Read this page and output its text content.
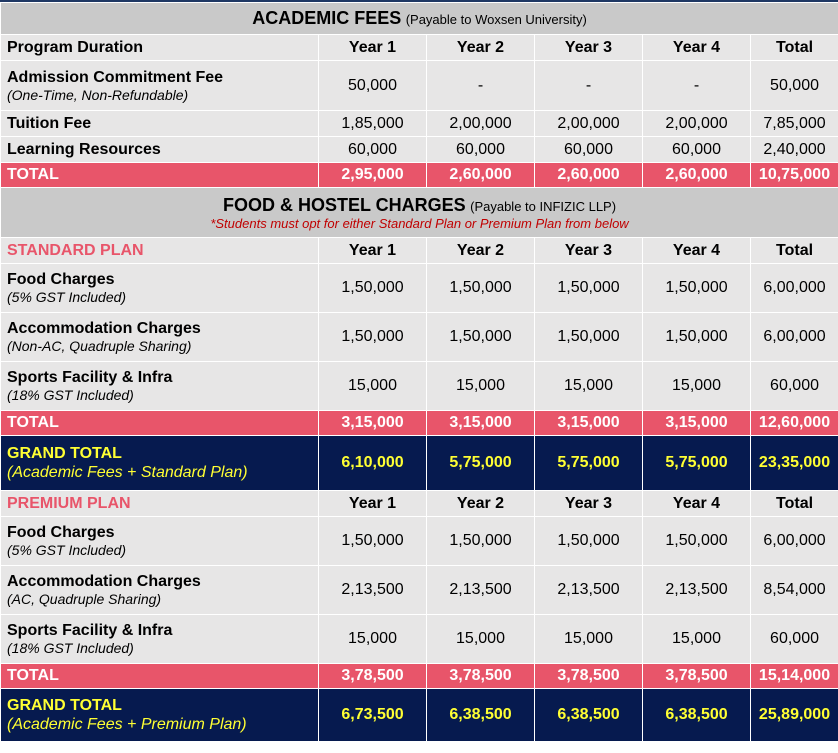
ACADEMIC FEES (Payable to Woxsen University)					
Program Duration	Year 1	Year 2	Year 3	Year 4	Total

Admission Commitment Fee
(One-Time, Non-Refundable)	50,000	-	-	-	50,000
Tuition Fee	1,85,000	2,00,000	2,00,000	2,00,000	7,85,000
Learning Resources	60,000	60,000	60,000	60,000	2,40,000
TOTAL	2,95,000	2,60,000	2,60,000	2,60,000	10,75,000
FOOD & HOSTEL CHARGES (Payable to INFIZIC LLP)
*Students must opt for either Standard Plan or Premium Plan from below					

STANDARD PLAN	Year 1	Year 2	Year 3	Year 4	Total

Food Charges
(5% GST Included)	1,50,000	1,50,000	1,50,000	1,50,000	6,00,000

Accommodation Charges
(Non-AC, Quadruple Sharing)	1,50,000	1,50,000	1,50,000	1,50,000	6,00,000

Sports Facility & Infra
(18% GST Included)	15,000	15,000	15,000	15,000	60,000
TOTAL	3,15,000	3,15,000	3,15,000	3,15,000	12,60,000

GRAND TOTAL
(Academic Fees + Standard Plan)	6,10,000	5,75,000	5,75,000	5,75,000	23,35,000
PREMIUM PLAN	Year 1	Year 2	Year 3	Year 4	Total

Food Charges
(5% GST Included)	1,50,000	1,50,000	1,50,000	1,50,000	6,00,000

Accommodation Charges
(AC, Quadruple Sharing)	2,13,500	2,13,500	2,13,500	2,13,500	8,54,000

Sports Facility & Infra
(18% GST Included)	15,000	15,000	15,000	15,000	60,000
TOTAL	3,78,500	3,78,500	3,78,500	3,78,500	15,14,000

GRAND TOTAL
(Academic Fees + Premium Plan)	6,73,500	6,38,500	6,38,500	6,38,500	25,89,000
